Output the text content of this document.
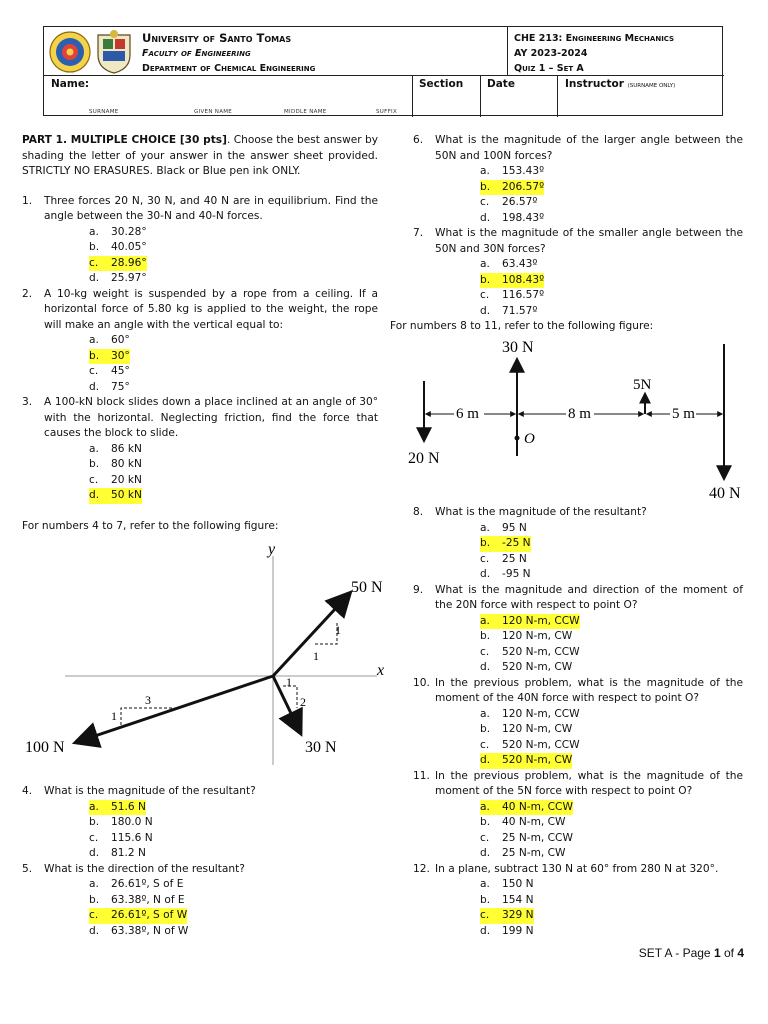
University of Santo Tomas
Faculty of Engineering
Department of Chemical Engineering
CHE 213: Engineering Mechanics
AY 2023-2024
Quiz 1 – Set A
Name:	Section Date	Instructor (SURNAME ONLY)
SURNAME	GIVEN NAME	MIDDLE NAME	SUFFIX
PART 1. MULTIPLE CHOICE [30 pts]. Choose the best answer by shading the letter of your answer in the answer sheet provided. STRICTLY NO ERASURES. Black or Blue pen ink ONLY.
1. Three forces 20 N, 30 N, and 40 N are in equilibrium. Find the angle between the 30-N and 40-N forces.
a.	30.28°
b.	40.05°
c.	28.96°
d.	25.97°
2. A 10-kg weight is suspended by a rope from a ceiling. If a horizontal force of 5.80 kg is applied to the weight, the rope will make an angle with the vertical equal to:
a.	60°
b.	30°
c.	45°
d.	75°
3. A 100-kN block slides down a place inclined at an angle of 30° with the horizontal. Neglecting friction, find the force that causes the block to slide.
a.	86 kN
b.	80 kN
c.	20 kN
d.	50 kN
For numbers 4 to 7, refer to the following figure:
y
x
50 N
1
1
100 N
3
1
30 N
1
2
4. What is the magnitude of the resultant?
a.	51.6 N
b.	180.0 N
c.	115.6 N
d.	81.2 N
5. What is the direction of the resultant?
a.	26.61º, S of E
b.	63.38º, N of E
c.	26.61º, S of W
d.	63.38º, N of W
6. What is the magnitude of the larger angle between the 50N and 100N forces?
a.	153.43º
b.	206.57º
c.	26.57º
d.	198.43º
7. What is the magnitude of the smaller angle between the 50N and 30N forces?
a.	63.43º
b.	108.43º
c.	116.57º
d.	71.57º
For numbers 8 to 11, refer to the following figure:
30 N
O
20 N
5N
40 N
6 m	8 m	5 m
8. What is the magnitude of the resultant?
a.	95 N
b.	-25 N
c.	25 N
d.	-95 N
9. What is the magnitude and direction of the moment of the 20N force with respect to point O?
a.	120 N-m, CCW
b.	120 N-m, CW
c.	520 N-m, CCW
d.	520 N-m, CW
10. In the previous problem, what is the magnitude of the moment of the 40N force with respect to point O?
a.	120 N-m, CCW
b.	120 N-m, CW
c.	520 N-m, CCW
d.	520 N-m, CW
11. In the previous problem, what is the magnitude of the moment of the 5N force with respect to point O?
a.	40 N-m, CCW
b.	40 N-m, CW
c.	25 N-m, CCW
d.	25 N-m, CW
12. In a plane, subtract 130 N at 60° from 280 N at 320°.
a.	150 N
b.	154 N
c.	329 N
d.	199 N
SET A - Page 1 of 4
